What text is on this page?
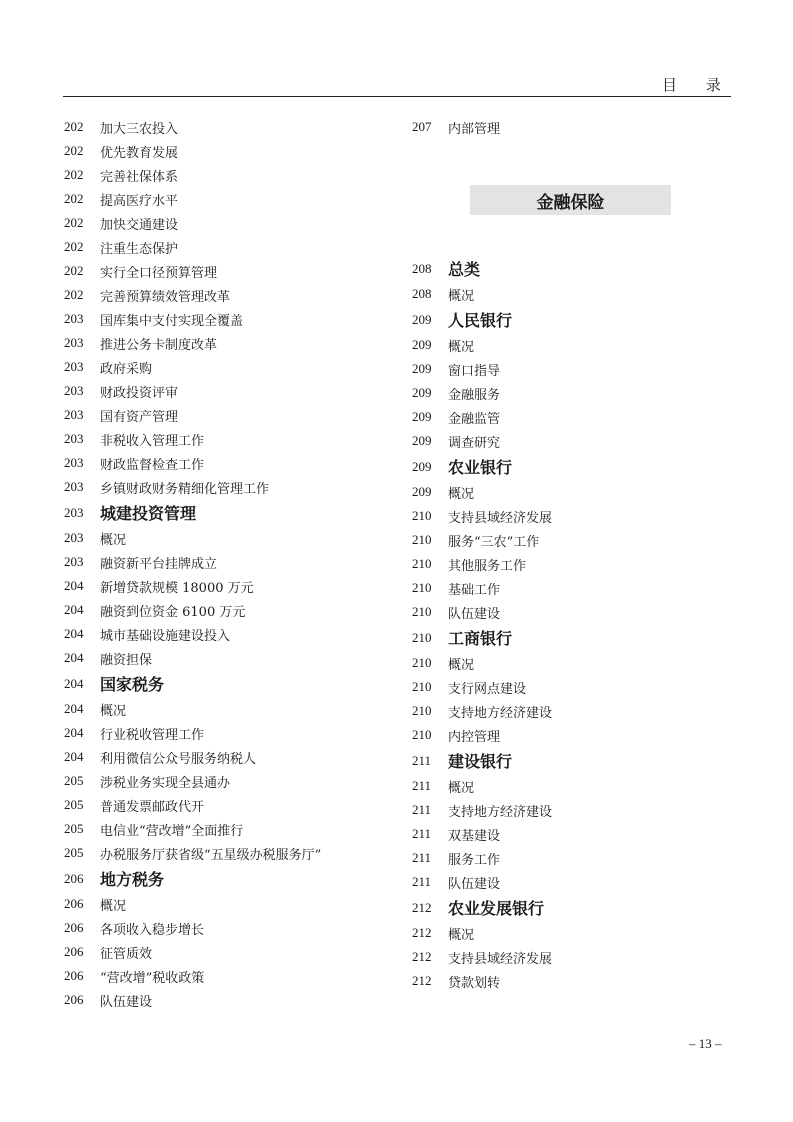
目 录
202	加大三农投入
202	优先教育发展
202	完善社保体系
202	提高医疗水平
202	加快交通建设
202	注重生态保护
202	实行全口径预算管理
202	完善预算绩效管理改革
203	国库集中支付实现全覆盖
203	推进公务卡制度改革
203	政府采购
203	财政投资评审
203	国有资产管理
203	非税收入管理工作
203	财政监督检查工作
203	乡镇财政财务精细化管理工作
203	城建投资管理
203	概况
203	融资新平台挂牌成立
204	新增贷款规模 18000 万元
204	融资到位资金 6100 万元
204	城市基础设施建设投入
204	融资担保
204	国家税务
204	概况
204	行业税收管理工作
204	利用微信公众号服务纳税人
205	涉税业务实现全县通办
205	普通发票邮政代开
205	电信业“营改增”全面推行
205	办税服务厅获省级“五星级办税服务厅”
206	地方税务
206	概况
206	各项收入稳步增长
206	征管质效
206	“营改增”税收政策
206	队伍建设
207	内部管理
金融保险
208	总类
208	概况
209	人民银行
209	概况
209	窗口指导
209	金融服务
209	金融监管
209	调查研究
209	农业银行
209	概况
210	支持县域经济发展
210	服务“三农”工作
210	其他服务工作
210	基础工作
210	队伍建设
210	工商银行
210	概况
210	支行网点建设
210	支持地方经济建设
210	内控管理
211	建设银行
211	概况
211	支持地方经济建设
211	双基建设
211	服务工作
211	队伍建设
212	农业发展银行
212	概况
212	支持县域经济发展
212	贷款划转
– 13 –
